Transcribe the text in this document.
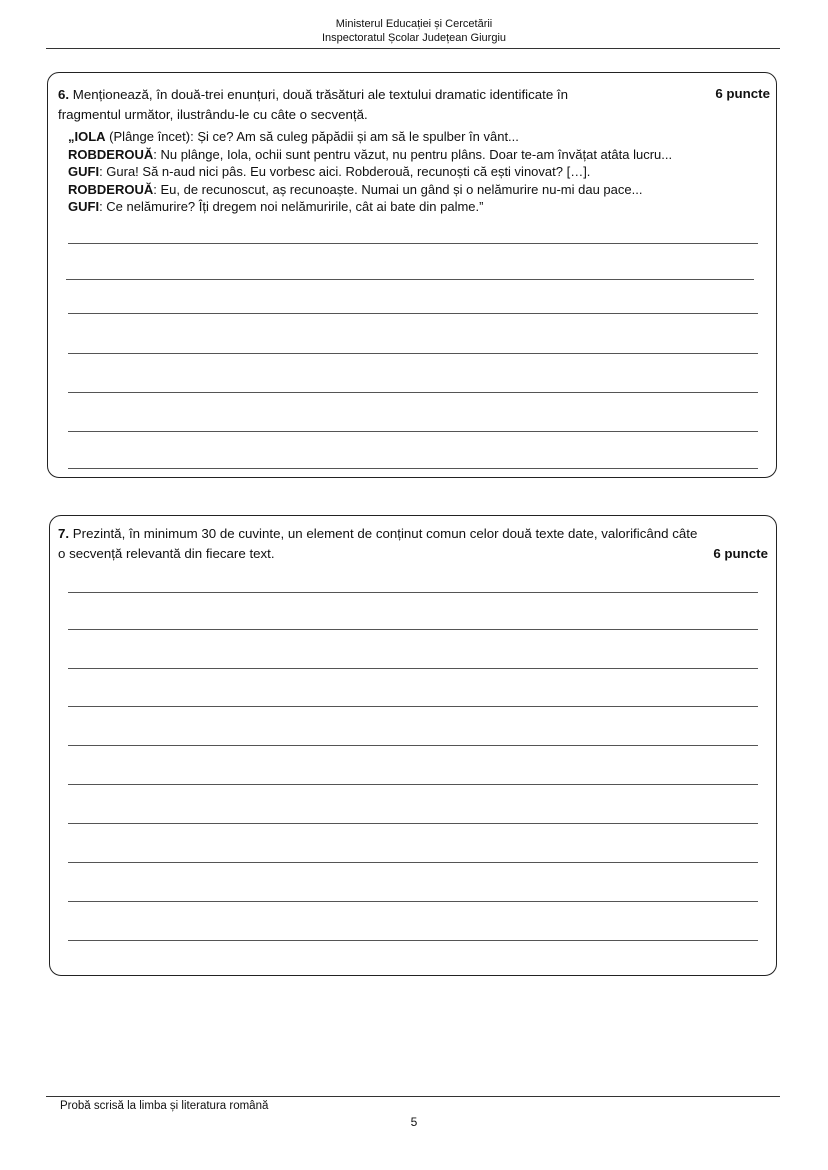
Ministerul Educației și Cercetării
Inspectoratul Școlar Județean Giurgiu
6. Menționează, în două-trei enunțuri, două trăsături ale textului dramatic identificate în
fragmentul următor, ilustrându-le cu câte o secvență.
6 puncte
„IOLA (Plânge încet): Și ce? Am să culeg păpădii și am să le spulber în vânt...
ROBDEROUĂ: Nu plânge, Iola, ochii sunt pentru văzut, nu pentru plâns. Doar te-am învățat atâta lucru...
GUFI: Gura! Să n-aud nici pâs. Eu vorbesc aici. Robderouă, recunoști că ești vinovat? […].
ROBDEROUĂ: Eu, de recunoscut, aș recunoaște. Numai un gând și o nelămurire nu-mi dau pace...
GUFI: Ce nelămurire? Îți dregem noi nelămuririle, cât ai bate din palme.”
7. Prezintă, în minimum 30 de cuvinte, un element de conținut comun celor două texte date, valorificând câte
o secvență relevantă din fiecare text.	6 puncte
Probă scrisă la limba și literatura română
5
